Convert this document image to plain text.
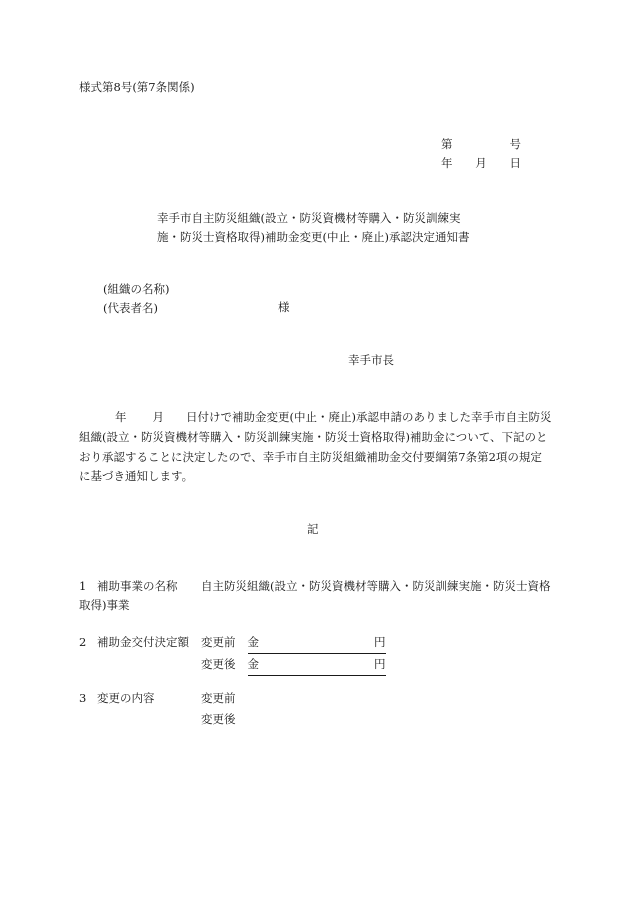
様式第8号(第7条関係)
第	号
年 月 日
幸手市自主防災組織(設立・防災資機材等購入・防災訓練実
施・防災士資格取得)補助金変更(中止・廃止)承認決定通知書
(組織の名称)
(代表者名)	様
幸手市長
年 月 日付けで補助金変更(中止・廃止)承認申請のありました幸手市自主防災組織(設立・防災資機材等購入・防災訓練実施・防災士資格取得)補助金について、下記のとおり承認することに決定したので、幸手市自主防災組織補助金交付要綱第7条第2項の規定に基づき通知します。
記
1 補助事業の名称 自主防災組織(設立・防災資機材等購入・防災訓練実施・防災士資格取得)事業
2 補助金交付決定額 変更前 金	円
変更後 金	円
3 変更の内容	変更前
変更後
